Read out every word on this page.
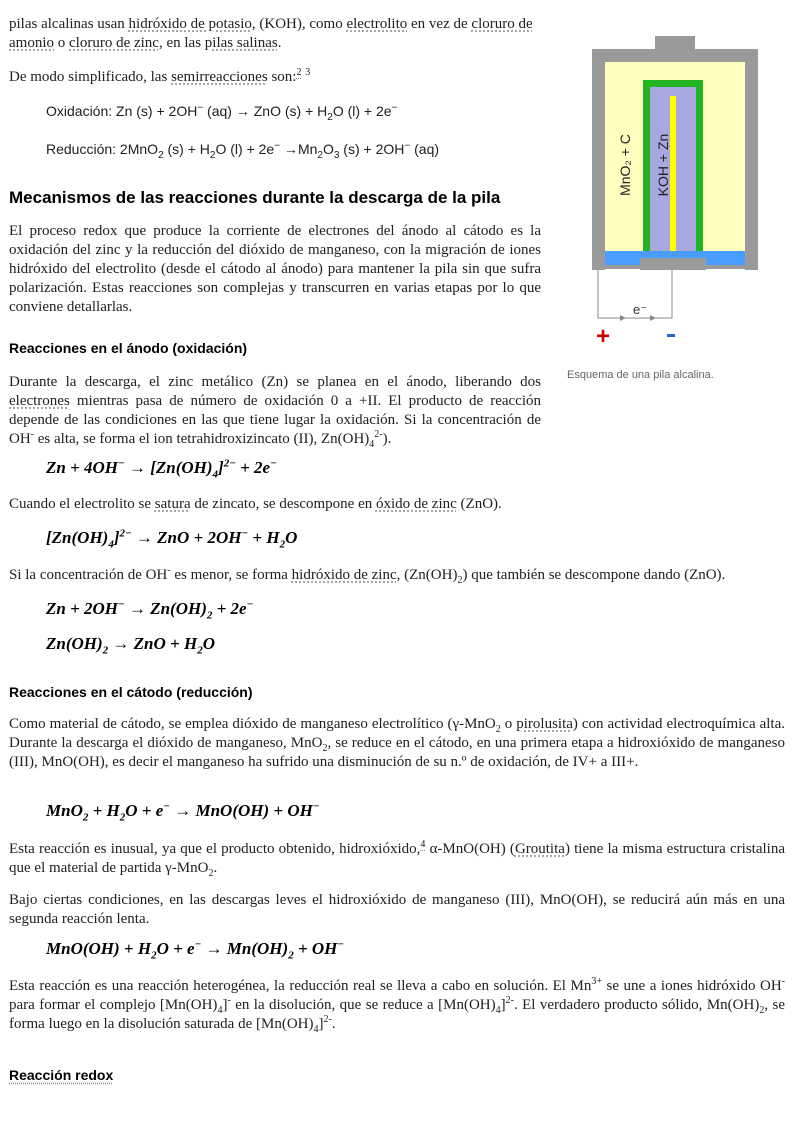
pilas alcalinas usan hidróxido de potasio, (KOH), como electrolito en vez de cloruro de amonio o cloruro de zinc, en las pilas salinas.

De modo simplificado, las semirreacciones son:$^2$ $^3$

Oxidación: Zn (s) + 2OH− (aq) → ZnO $(s) + H_2O$ (l) + 2e−
Reducción: 2MnO$_2$ $(s) + H_2O$ $(l) + 2e^- \to Mn_2O_3$ (s) + 2OH− (aq)	MnO₂ + C KOH + Zn
e⁻
+
Esquema de una pila alcalina.
Mecanismos de las reacciones durante la descarga de la pila

El proceso redox que produce la corriente de electrones del ánodo al cátodo es la oxidación del zinc y la reducción del dióxido de manganeso, con la migración de iones hidróxido del electrolito (desde el cátodo al ánodo) para mantener la pila sin que sufra polarización. Estas reacciones son complejas y transcurren en varias etapas por lo que conviene detallarlas.

Reacciones en el ánodo (oxidación)

Durante la descarga, el zinc metálico (Zn) se planea en el ánodo, liberando dos electrones mientras pasa de número de oxidación 0 a +II. El producto de reacción depende de las condiciones en las que tiene lugar la oxidación. Si la concentración de OH- es alta, se forma el ion tetrahidroxizincato (II), $Zn(OH)_4^{2-}$).

$Zn + 4OH^- \to [Zn(OH)_4]^{2-} + 2e^-$

Cuando el electrolito se satura de zincato, se descompone en óxido de zinc (ZnO).

$[Zn(OH)_4]^{2-}$ → ZnO + $2OH^- + H_2O$

Si la concentración de OH- es menor, se forma hidróxido de zinc, $(Zn(OH)_2)$ que también se descompone dando (ZnO).

$Zn + 2OH^- \to Zn(OH)_2 + 2e^-$
$Zn(OH)_2$ → ZnO + $H_2O$
Reacciones en el cátodo (reducción)

Como material de cátodo, se emplea dióxido de manganeso electrolítico (γ-MnO$_2$ o pirolusita) con actividad electroquímica alta. Durante la descarga el dióxido de manganeso, MnO$_2$, se reduce en el cátodo, en una primera etapa a hidroxióxido de manganeso (III), MnO(OH), es decir el manganeso ha sufrido una disminución de su n.º de oxidación, de IV+ a III+.

$MnO_2 + H_2O + e^- \to MnO(OH) + OH^-$

Esta reacción es inusual, ya que el producto obtenido, hidroxióxido,$^4$ α-MnO(OH) (Groutita) tiene la misma estructura cristalina que el material de partida γ-MnO$_2$.

Bajo ciertas condiciones, en las descargas leves el hidroxióxido de manganeso (III), MnO(OH), se reducirá aún más en una segunda reacción lenta.

$MnO(OH) + H_2O + e^- \to Mn(OH)_2 + OH^-$

Esta reacción es una reacción heterogénea, la reducción real se lleva a cabo en solución. El $Mn^{3+}$ se une a iones hidróxido OH- para formar el complejo $[Mn(OH)_4]^-$ en la disolución, que se reduce a $[Mn(OH)_4]^{2-}$. El verdadero producto sólido, $Mn(OH)_2$, se forma luego en la disolución saturada de $[Mn(OH)_4]^{2-}$.

Reacción redox
